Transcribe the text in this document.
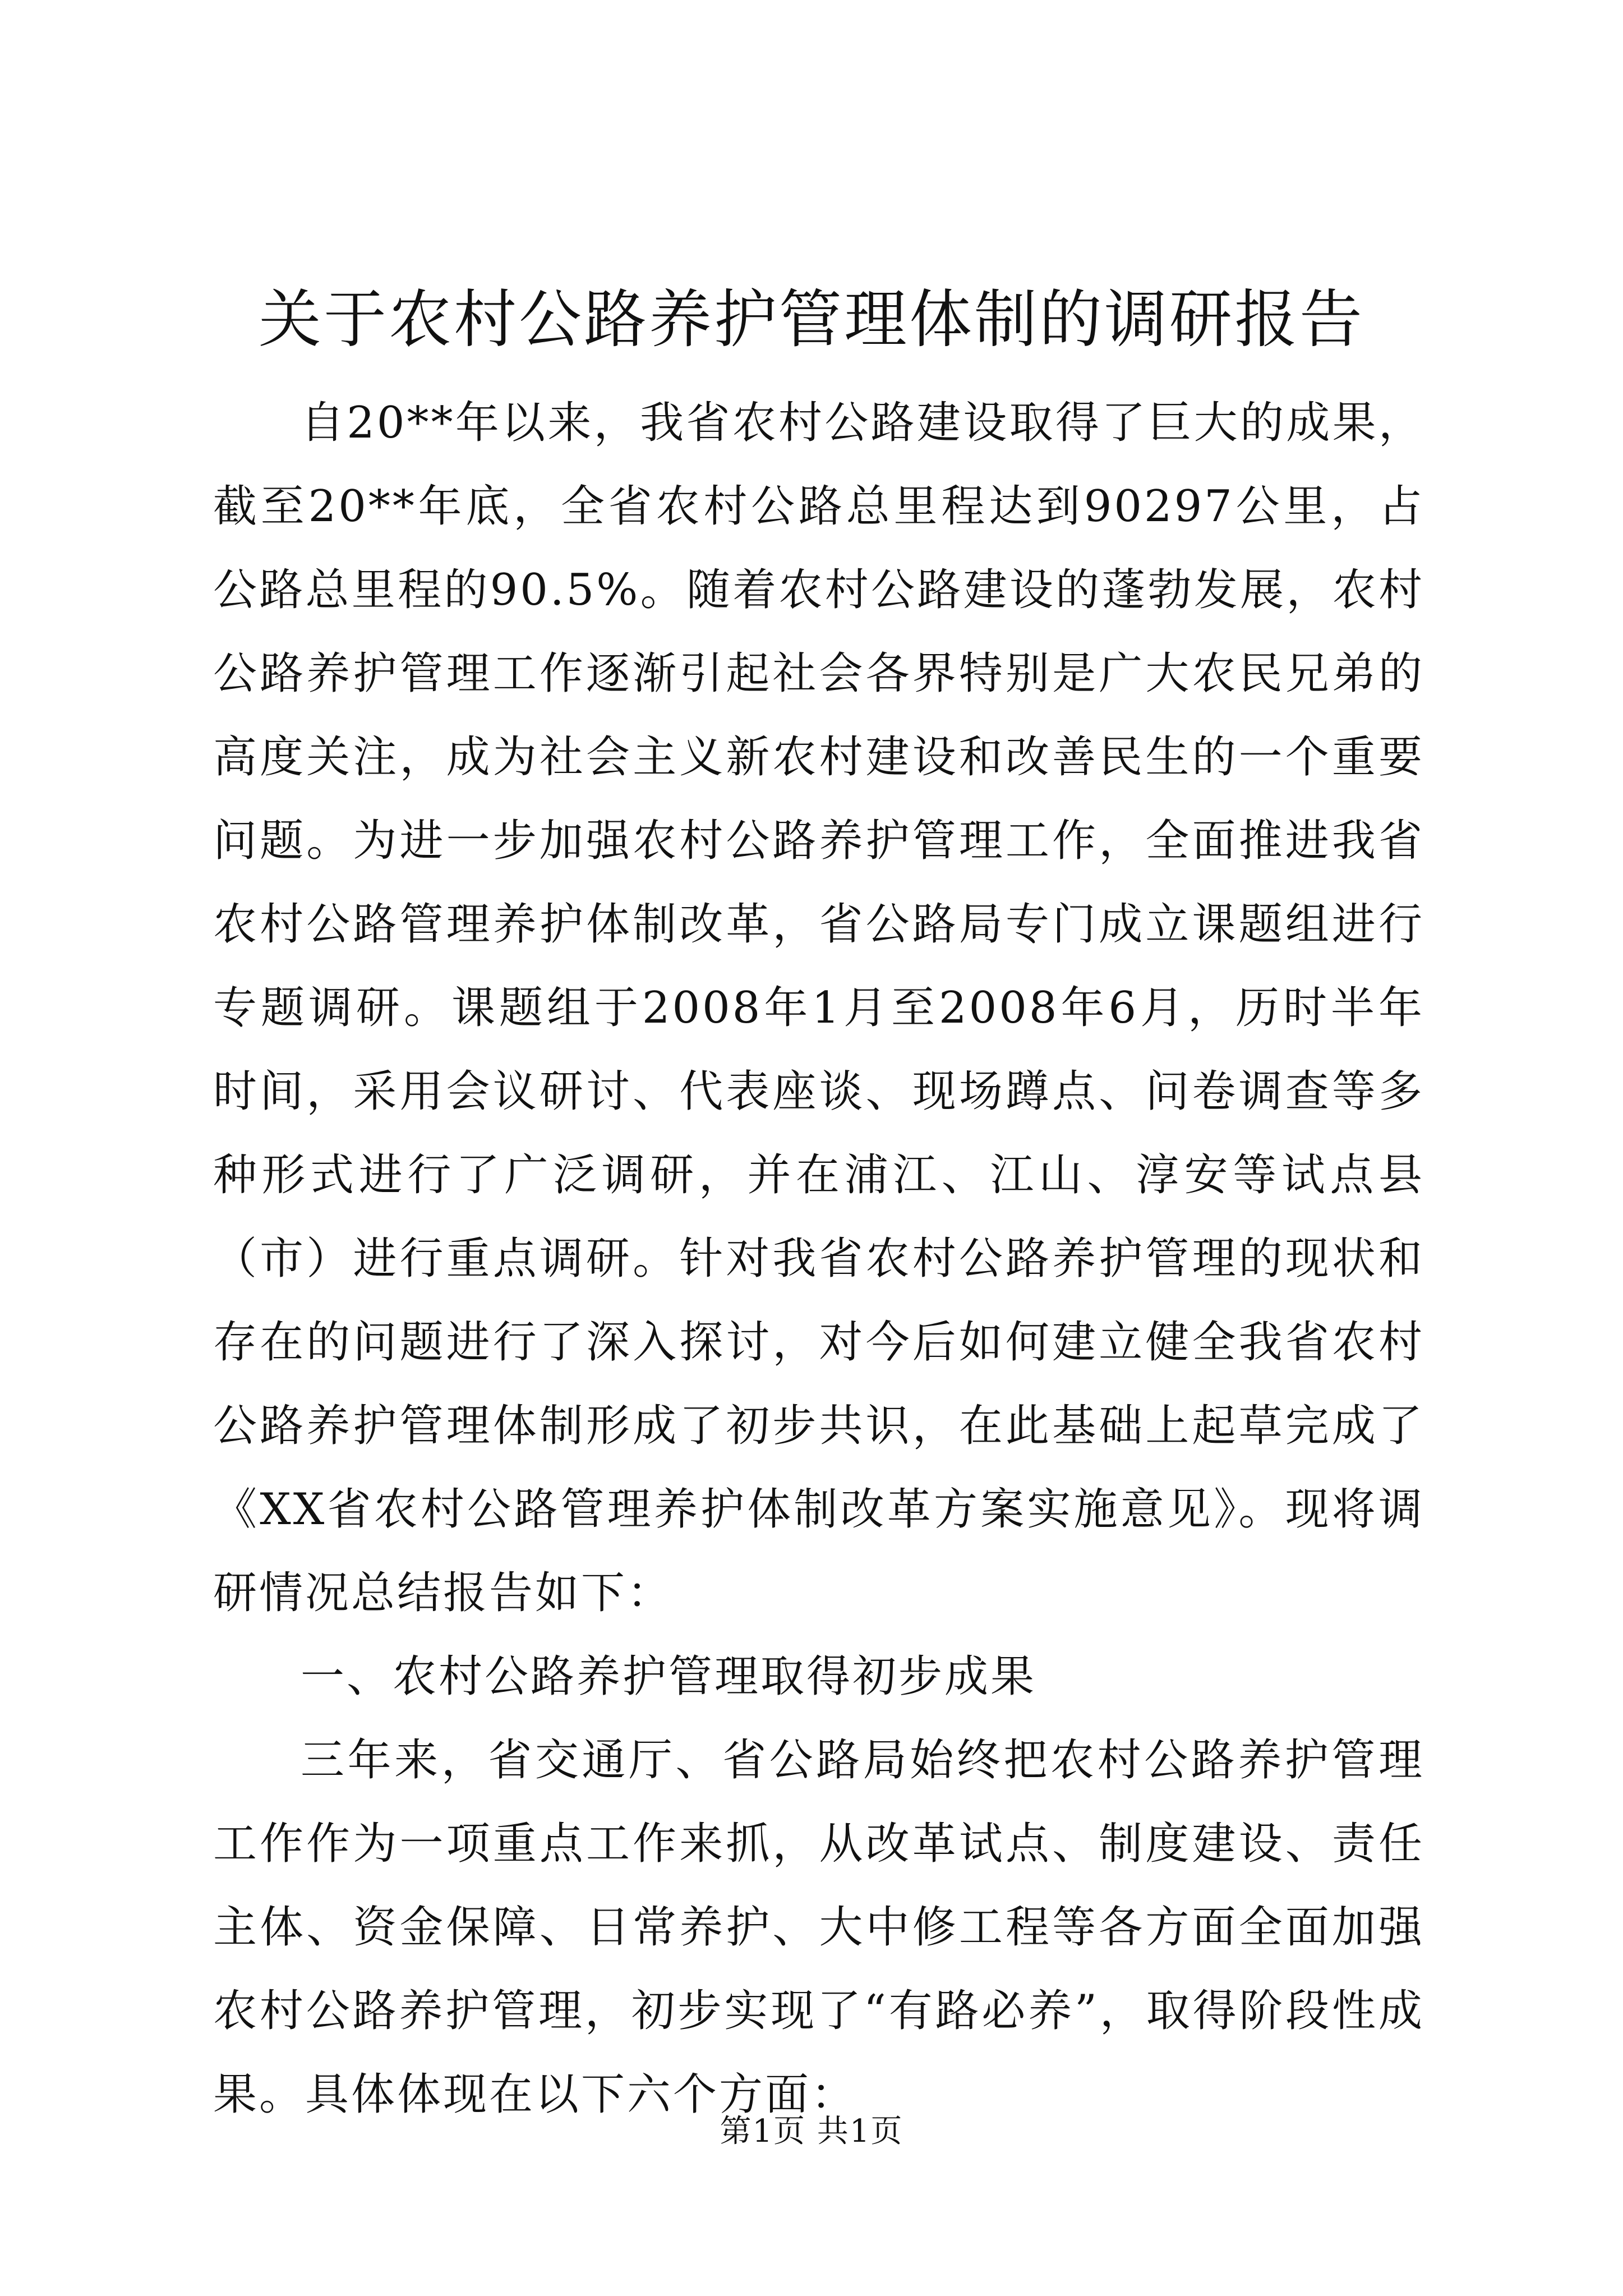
关于农村公路养护管理体制的调研报告

自20**年以来，我省农村公路建设取得了巨大的成果，截至20**年底，全省农村公路总里程达到90297公里，占公路总里程的90.5%。随着农村公路建设的蓬勃发展，农村公路养护管理工作逐渐引起社会各界特别是广大农民兄弟的高度关注，成为社会主义新农村建设和改善民生的一个重要问题。为进一步加强农村公路养护管理工作，全面推进我省农村公路管理养护体制改革，省公路局专门成立课题组进行专题调研。课题组于2008年1月至2008年6月，历时半年时间，采用会议研讨、代表座谈、现场蹲点、问卷调查等多种形式进行了广泛调研，并在浦江、江山、淳安等试点县（市）进行重点调研。针对我省农村公路养护管理的现状和存在的问题进行了深入探讨，对今后如何建立健全我省农村公路养护管理体制形成了初步共识，在此基础上起草完成了《XX省农村公路管理养护体制改革方案实施意见》。现将调研情况总结报告如下：

一、农村公路养护管理取得初步成果

三年来，省交通厅、省公路局始终把农村公路养护管理工作作为一项重点工作来抓，从改革试点、制度建设、责任主体、资金保障、日常养护、大中修工程等各方面全面加强农村公路养护管理，初步实现了“有路必养”，取得阶段性成果。具体体现在以下六个方面：

第1页 共1页
